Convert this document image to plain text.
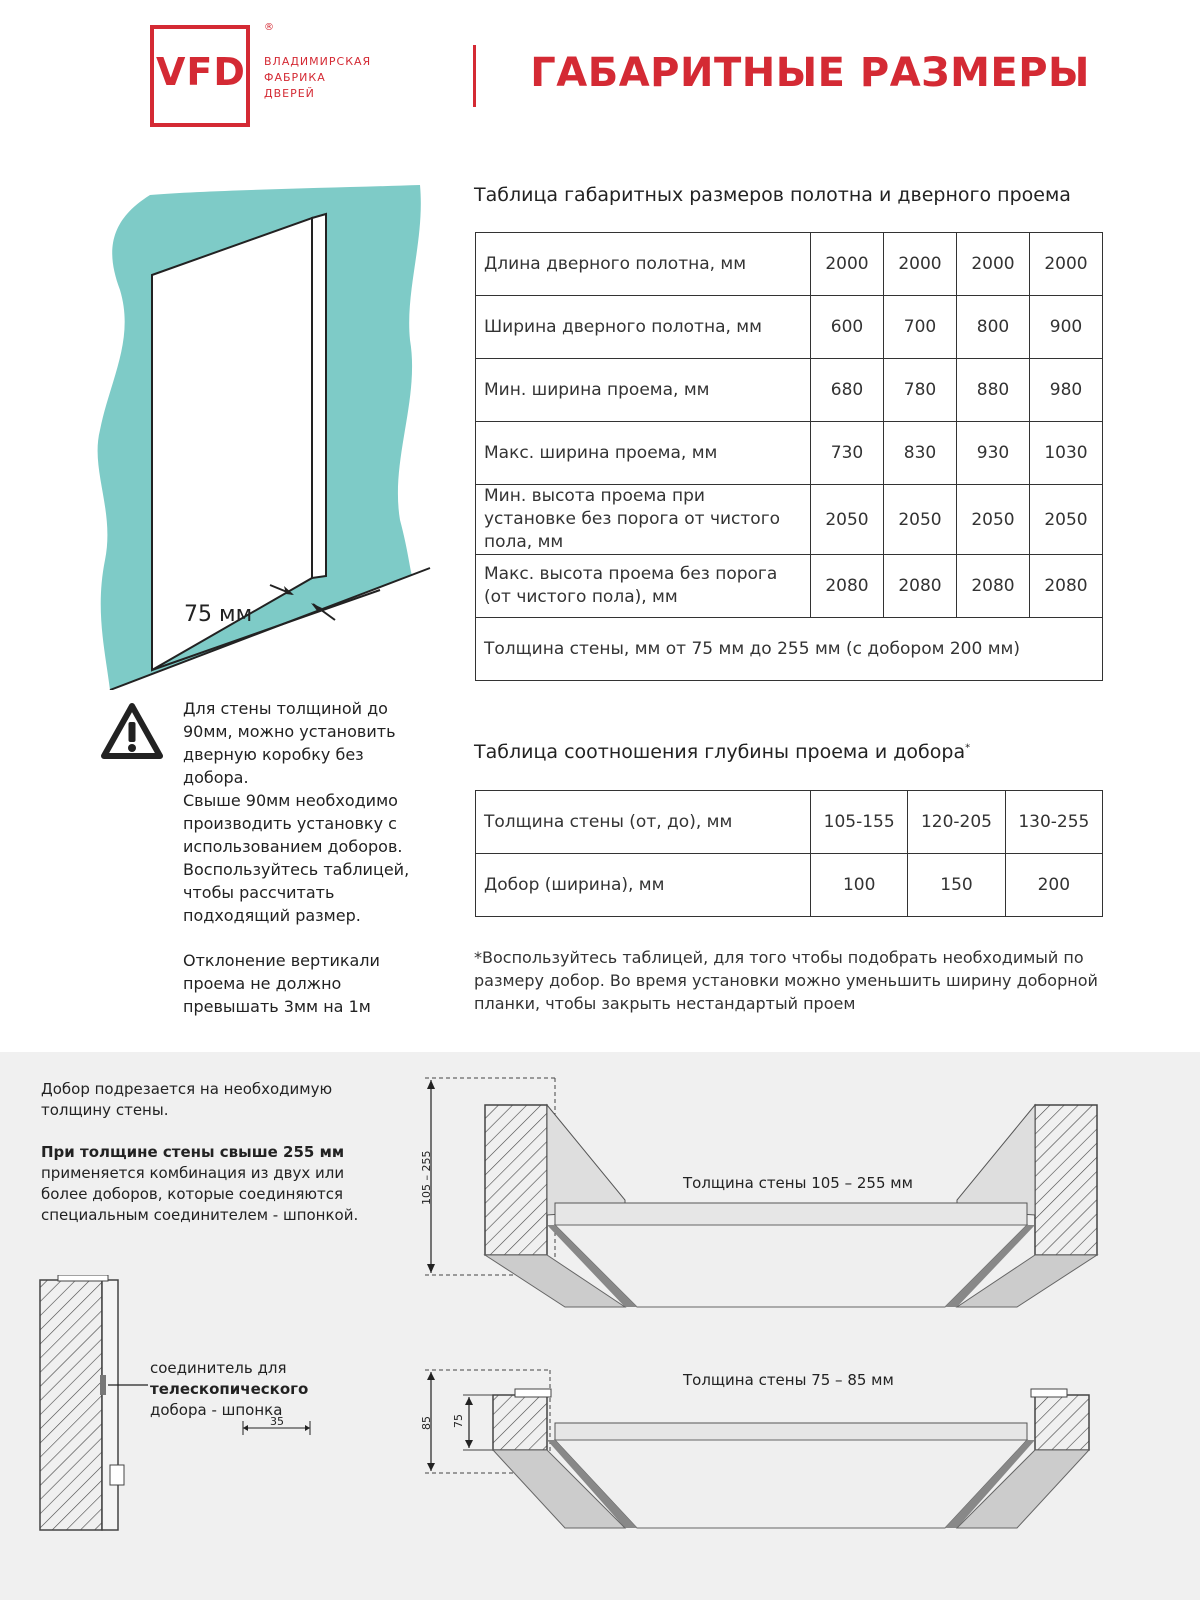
VFD
®
ВЛАДИМИРСКАЯ
ФАБРИКА
ДВЕРЕЙ	ГАБАРИТНЫЕ РАЗМЕРЫ
75 мм

Для стены толщиной до

90мм, можно установить

дверную коробку без

добора.

Свыше 90мм необходимо

производить установку с

использованием доборов.

Воспользуйтесь таблицей,

чтобы рассчитать

подходящий размер.

Отклонение вертикали

проема не должно

превышать 3мм на 1м

Таблица габаритных размеров полотна и дверного проема
Длина дверного полотна, мм	2000	2000	2000	2000
Ширина дверного полотна, мм	600	700	800	900
Мин. ширина проема, мм	680	780	880	980
Макс. ширина проема, мм	730	830	930	1030
Мин. высота проема при установке без порога от чистого пола, мм	2050	2050	2050	2050
Макс. высота проема без порога (от чистого пола), мм	2080	2080	2080	2080
Толщина стены, мм от 75 мм до 255 мм (с добором 200 мм)				
Таблица соотношения глубины проема и добора*
Толщина стены (от, до), мм	105-155	120-205	130-255
Добор (ширина), мм	100	150	200
*Воспользуйтесь таблицей, для того чтобы подобрать необходимый по размеру добор. Во время установки можно уменьшить ширину доборной планки, чтобы закрыть нестандартый проем
Добор подрезается на необходимую толщину стены.
При толщине стены свыше 255 мм применяется комбинация из двух или более доборов, которые соединяются специальным соединителем - шпонкой.
35
соединитель для
телескопического
добора - шпонка
105 – 255	Толщина стены 105 – 255 мм
85 75
Толщина стены 75 – 85 мм
